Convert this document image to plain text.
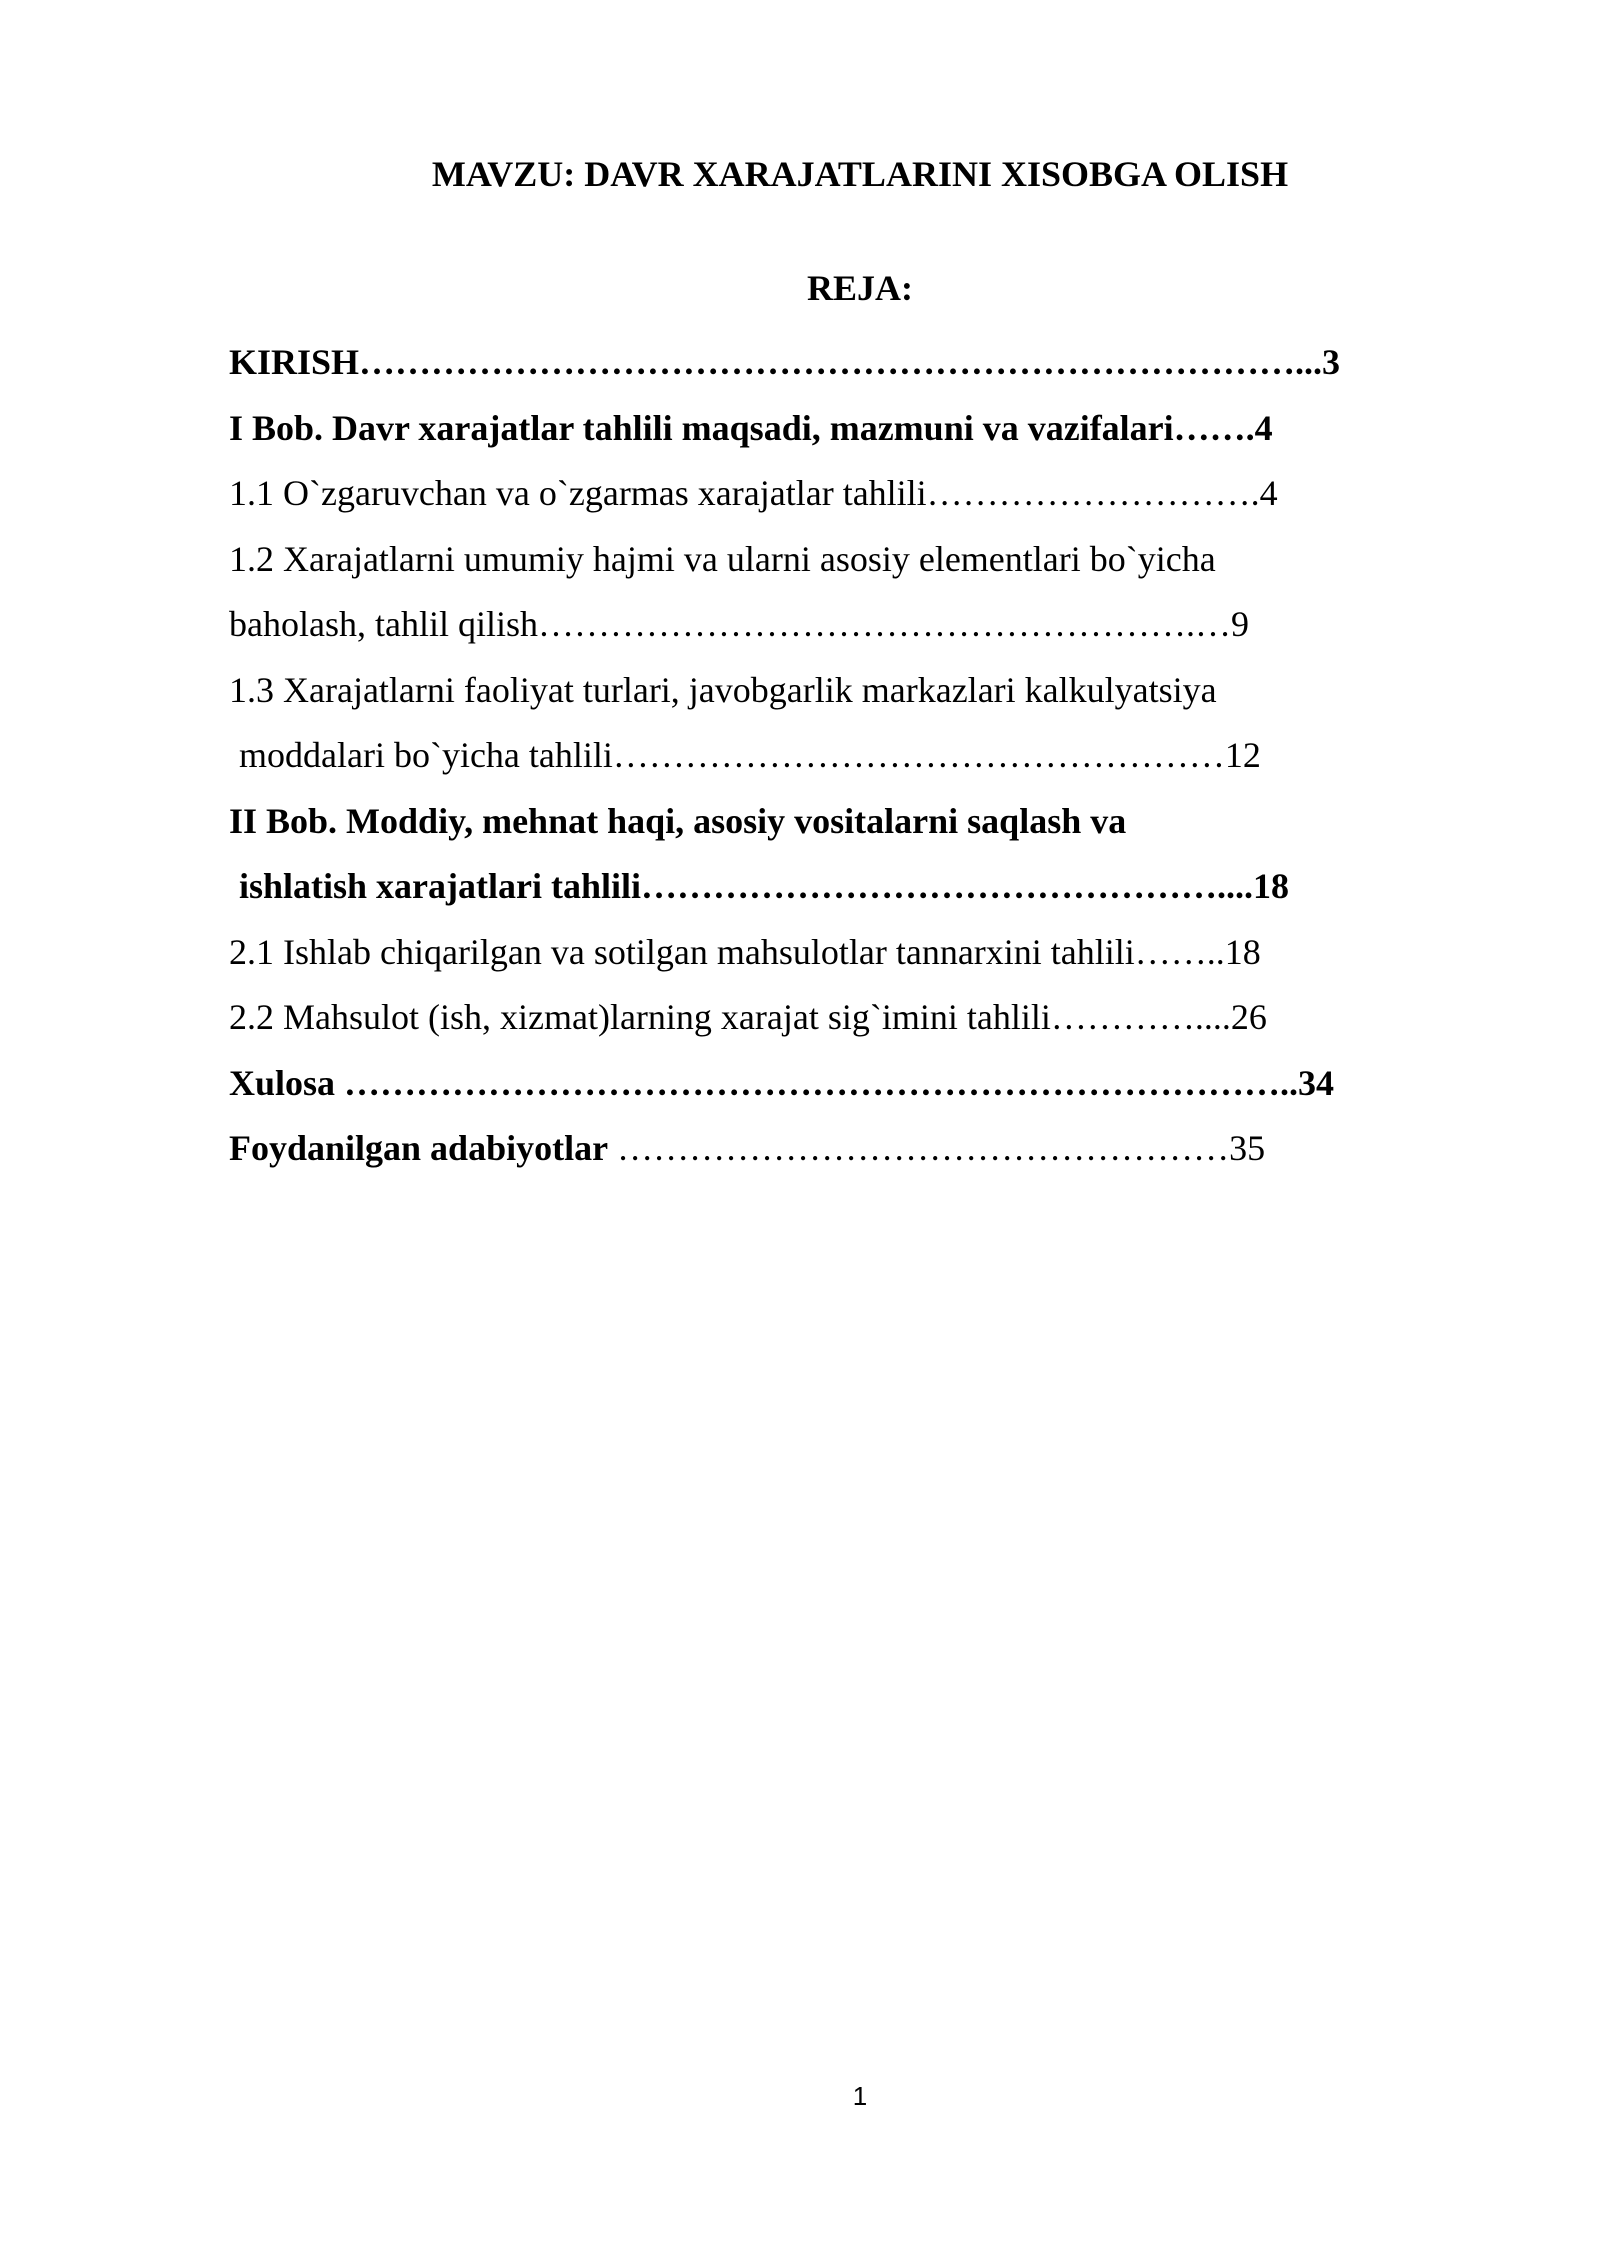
MAVZU: DAVR XARAJATLARINI XISOBGA OLISH
REJA:
KIRISH……………………………………………………………………...3
I Bob. Davr xarajatlar tahlili maqsadi, mazmuni va vazifalari…….4
1.1 O`zgaruvchan va o`zgarmas xarajatlar tahlili……………………….4
1.2 Xarajatlarni umumiy hajmi va ularni asosiy elementlari bo`yicha
baholash, tahlil qilish……………………………………………….…9
1.3 Xarajatlarni faoliyat turlari, javobgarlik markazlari kalkulyatsiya
moddalari bo`yicha tahlili……………………………………………12
II Bob. Moddiy, mehnat haqi, asosiy vositalarni saqlash va
ishlatish xarajatlari tahlili…………………………………………....18
2.1 Ishlab chiqarilgan va sotilgan mahsulotlar tannarxini tahlili……..18
2.2 Mahsulot (ish, xizmat)larning xarajat sig`imini tahlili…………....26
Xulosa ……………………………………………………………………..34
Foydanilgan adabiyotlar ……………………………………………35
1
